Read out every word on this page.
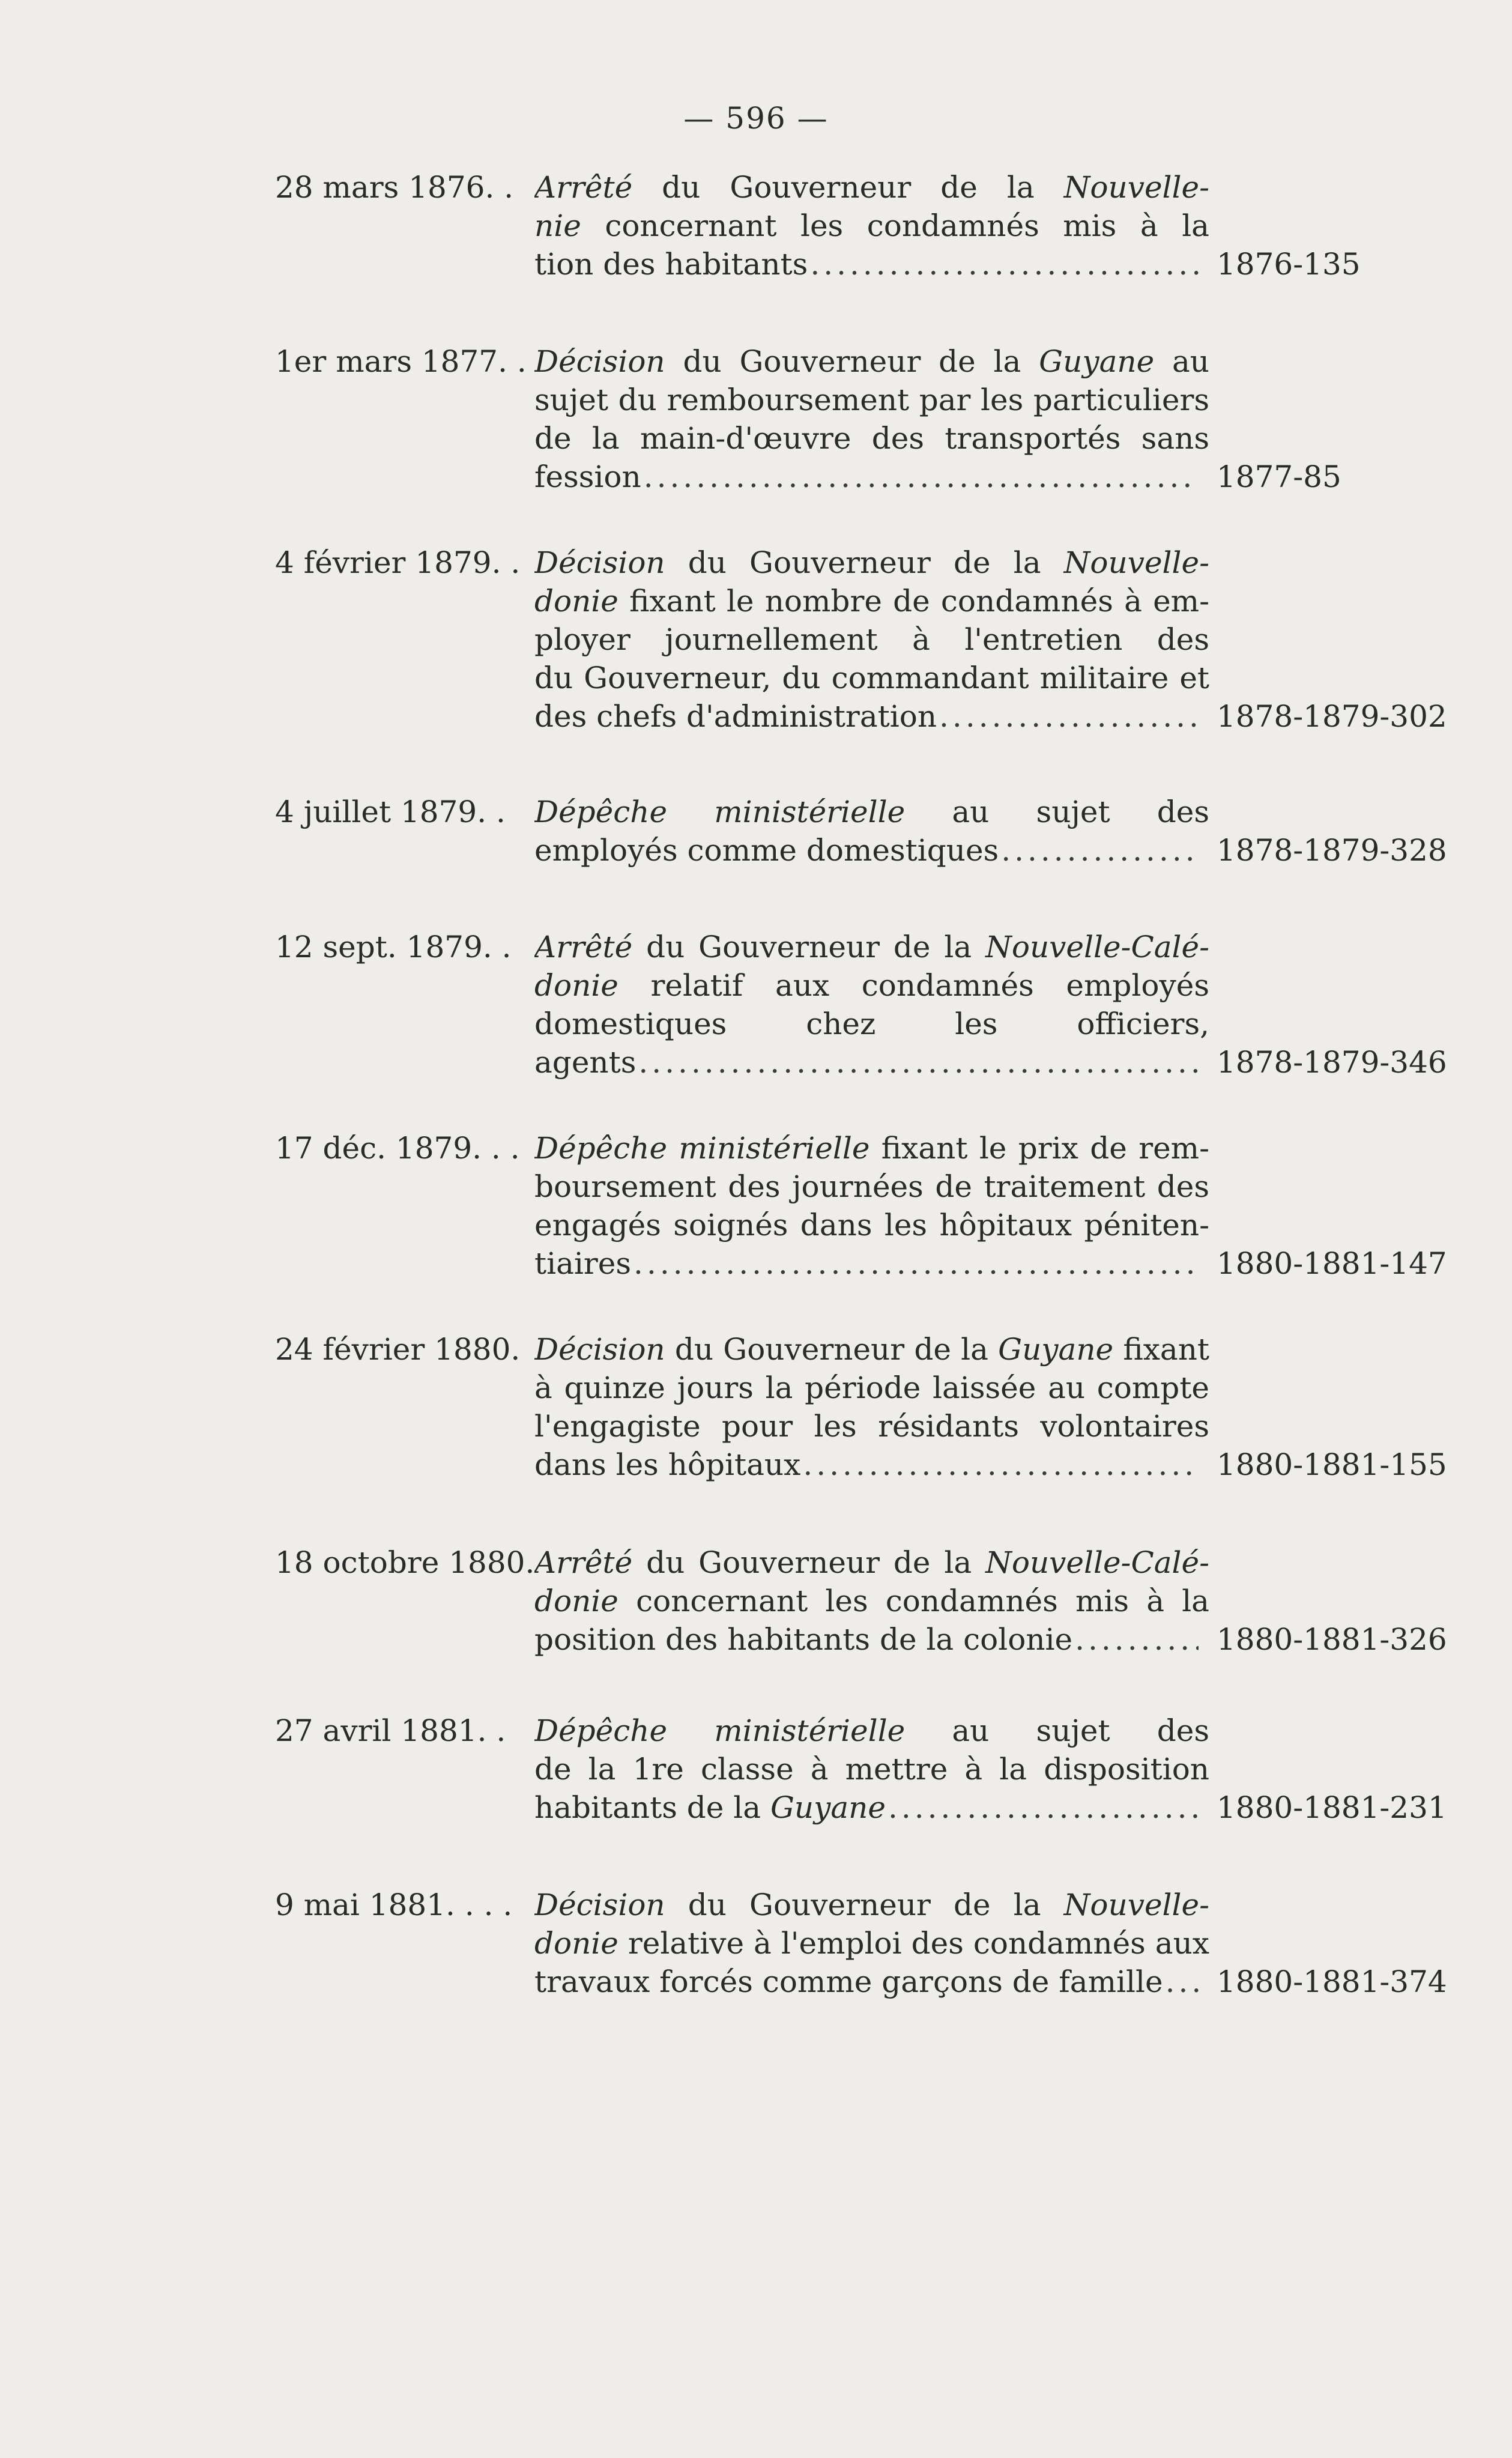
— 596 —
28 mars 1876. . Arrêté du Gouverneur de la Nouvelle-
nie concernant les condamnés mis à la
tion des habitants .....	1876-135
1er mars 1877. . Décision du Gouverneur de la Guyane au
sujet du remboursement par les particuliers
de la main-d'œuvre des transportés sans
fession .....	1877-85
4 février 1879. . Décision du Gouverneur de la Nouvelle-
donie fixant le nombre de condamnés à em-
ployer journellement à l'entretien des
du Gouverneur, du commandant militaire et
des chefs d'administration .....	1878-1879-302
4 juillet 1879. . Dépêche ministérielle au sujet des
employés comme domestiques .....	1878-1879-328
12 sept. 1879. . Arrêté du Gouverneur de la Nouvelle-Calé-
donie relatif aux condamnés employés
domestiques chez les officiers,
agents .....	1878-1879-346
17 déc. 1879. . . Dépêche ministérielle fixant le prix de rem-
boursement des journées de traitement des
engagés soignés dans les hôpitaux péniten-
tiaires .....	1880-1881-147
24 février 1880. Décision du Gouverneur de la Guyane fixant
à quinze jours la période laissée au compte
l'engagiste pour les résidants volontaires
dans les hôpitaux .....	1880-1881-155
18 octobre 1880. Arrêté du Gouverneur de la Nouvelle-Calé-
donie concernant les condamnés mis à la
position des habitants de la colonie .....	1880-1881-326
27 avril 1881. . Dépêche ministérielle au sujet des
de la 1re classe à mettre à la disposition
habitants de la Guyane .....	1880-1881-231
9 mai 1881. . . . Décision du Gouverneur de la Nouvelle-
donie relative à l'emploi des condamnés aux
travaux forcés comme garçons de famille ..... 1880-1881-374
